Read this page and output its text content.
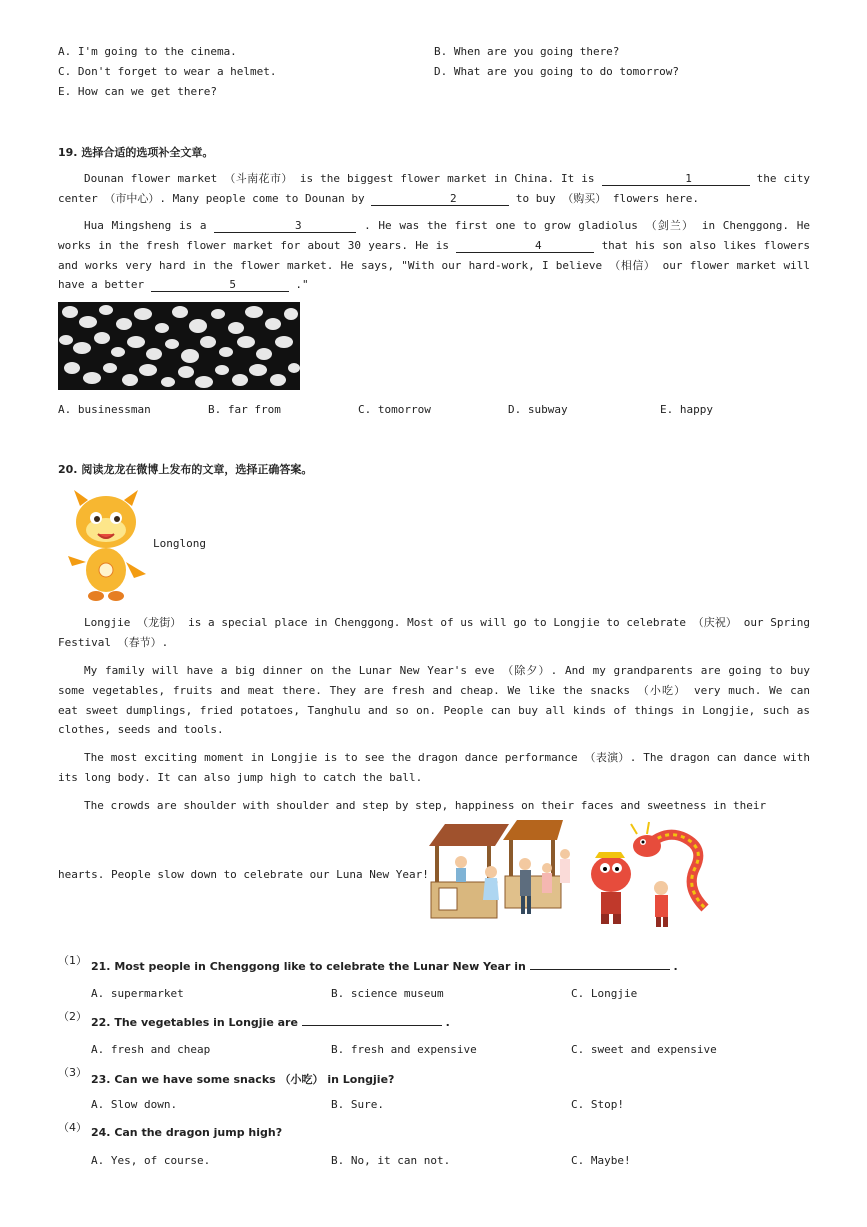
A. I'm going to the cinema.	B. When are you going there?
C. Don't forget to wear a helmet.	D. What are you going to do tomorrow?
E. How can we get there?
19. 选择合适的选项补全文章。
Dounan flower market （斗南花市） is the biggest flower market in China. It is	1	the city center （市中心）. Many people come to Dounan by	2	to buy （购买） flowers here.
Hua Mingsheng is a	3	. He was the first one to grow gladiolus （剑兰） in Chenggong. He works in the fresh flower market for about 30 years. He is	4	that his son also likes flowers and works very hard in the flower market. He says, "With our hard-work, I believe （相信） our flower market will have a better	5	."
A. businessman	B. far from	C. tomorrow	D. subway	E. happy
20. 阅读龙龙在微博上发布的文章，选择正确答案。
Longlong
Longjie （龙街） is a special place in Chenggong. Most of us will go to Longjie to celebrate （庆祝） our Spring Festival （春节）.
My family will have a big dinner on the Lunar New Year's eve （除夕）. And my grandparents are going to buy some vegetables, fruits and meat there. They are fresh and cheap. We like the snacks （小吃） very much. We can eat sweet dumplings, fried potatoes, Tanghulu and so on. People can buy all kinds of things in Longjie, such as clothes, seeds and tools.
The most exciting moment in Longjie is to see the dragon dance performance （表演）. The dragon can dance with its long body. It can also jump high to catch the ball.
The crowds are shoulder with shoulder and step by step, happiness on their faces and sweetness in their
hearts. People slow down to celebrate our Luna New Year!
（1） 21. Most people in Chenggong like to celebrate the Lunar New Year in	.
A. supermarket	B. science museum	C. Longjie
（2） 22. The vegetables in Longjie are	.
A. fresh and cheap	B. fresh and expensive	C. sweet and expensive
（3）
23. Can we have some snacks （小吃） in Longjie?
A. Slow down.	B. Sure.	C. Stop!
（4） 24. Can the dragon jump high?
A. Yes, of course.	B. No, it can not.	C. Maybe!
